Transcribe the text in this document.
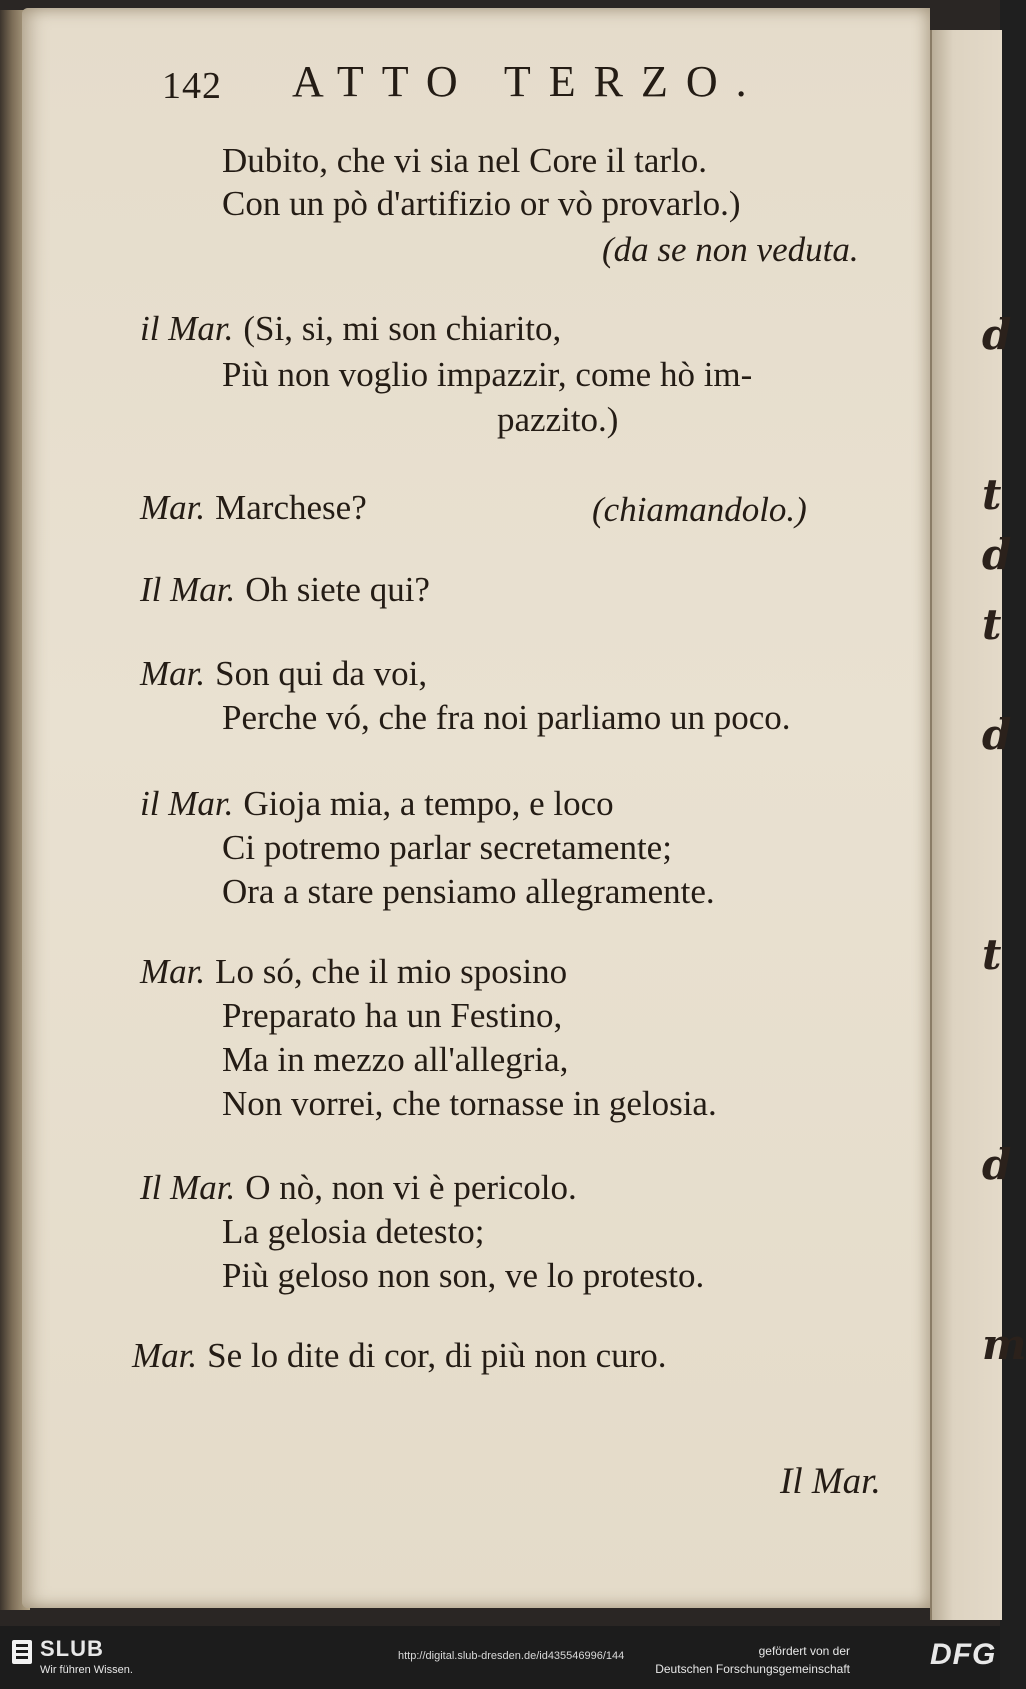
142 ATTO TERZO.
Dubito, che vi sia nel Core il tarlo.
Con un pò d'artifizio or vò provarlo.)
(da se non veduta.
il Mar. (Si, si, mi son chiarito,
Più non voglio impazzir, come hò im-
pazzito.)
Mar. Marchese?	(chiamandolo.)
Il Mar. Oh siete qui?
Mar. Son qui da voi,
Perche vó, che fra noi parliamo un poco.
il Mar. Gioja mia, a tempo, e loco
Ci potremo parlar secretamente;
Ora a stare pensiamo allegramente.
Mar. Lo só, che il mio sposino
Preparato ha un Festino,
Ma in mezzo all'allegria,
Non vorrei, che tornasse in gelosia.
Il Mar. O nò, non vi è pericolo.
La gelosia detesto;
Più geloso non son, ve lo protesto.
Mar. Se lo dite di cor, di più non curo.
Il Mar.
d
t
d
t
d
t
d
m
SLUB
Wir führen Wissen.
http://digital.slub-dresden.de/id435546996/144	gefördert von der
Deutschen Forschungsgemeinschaft	DFG
